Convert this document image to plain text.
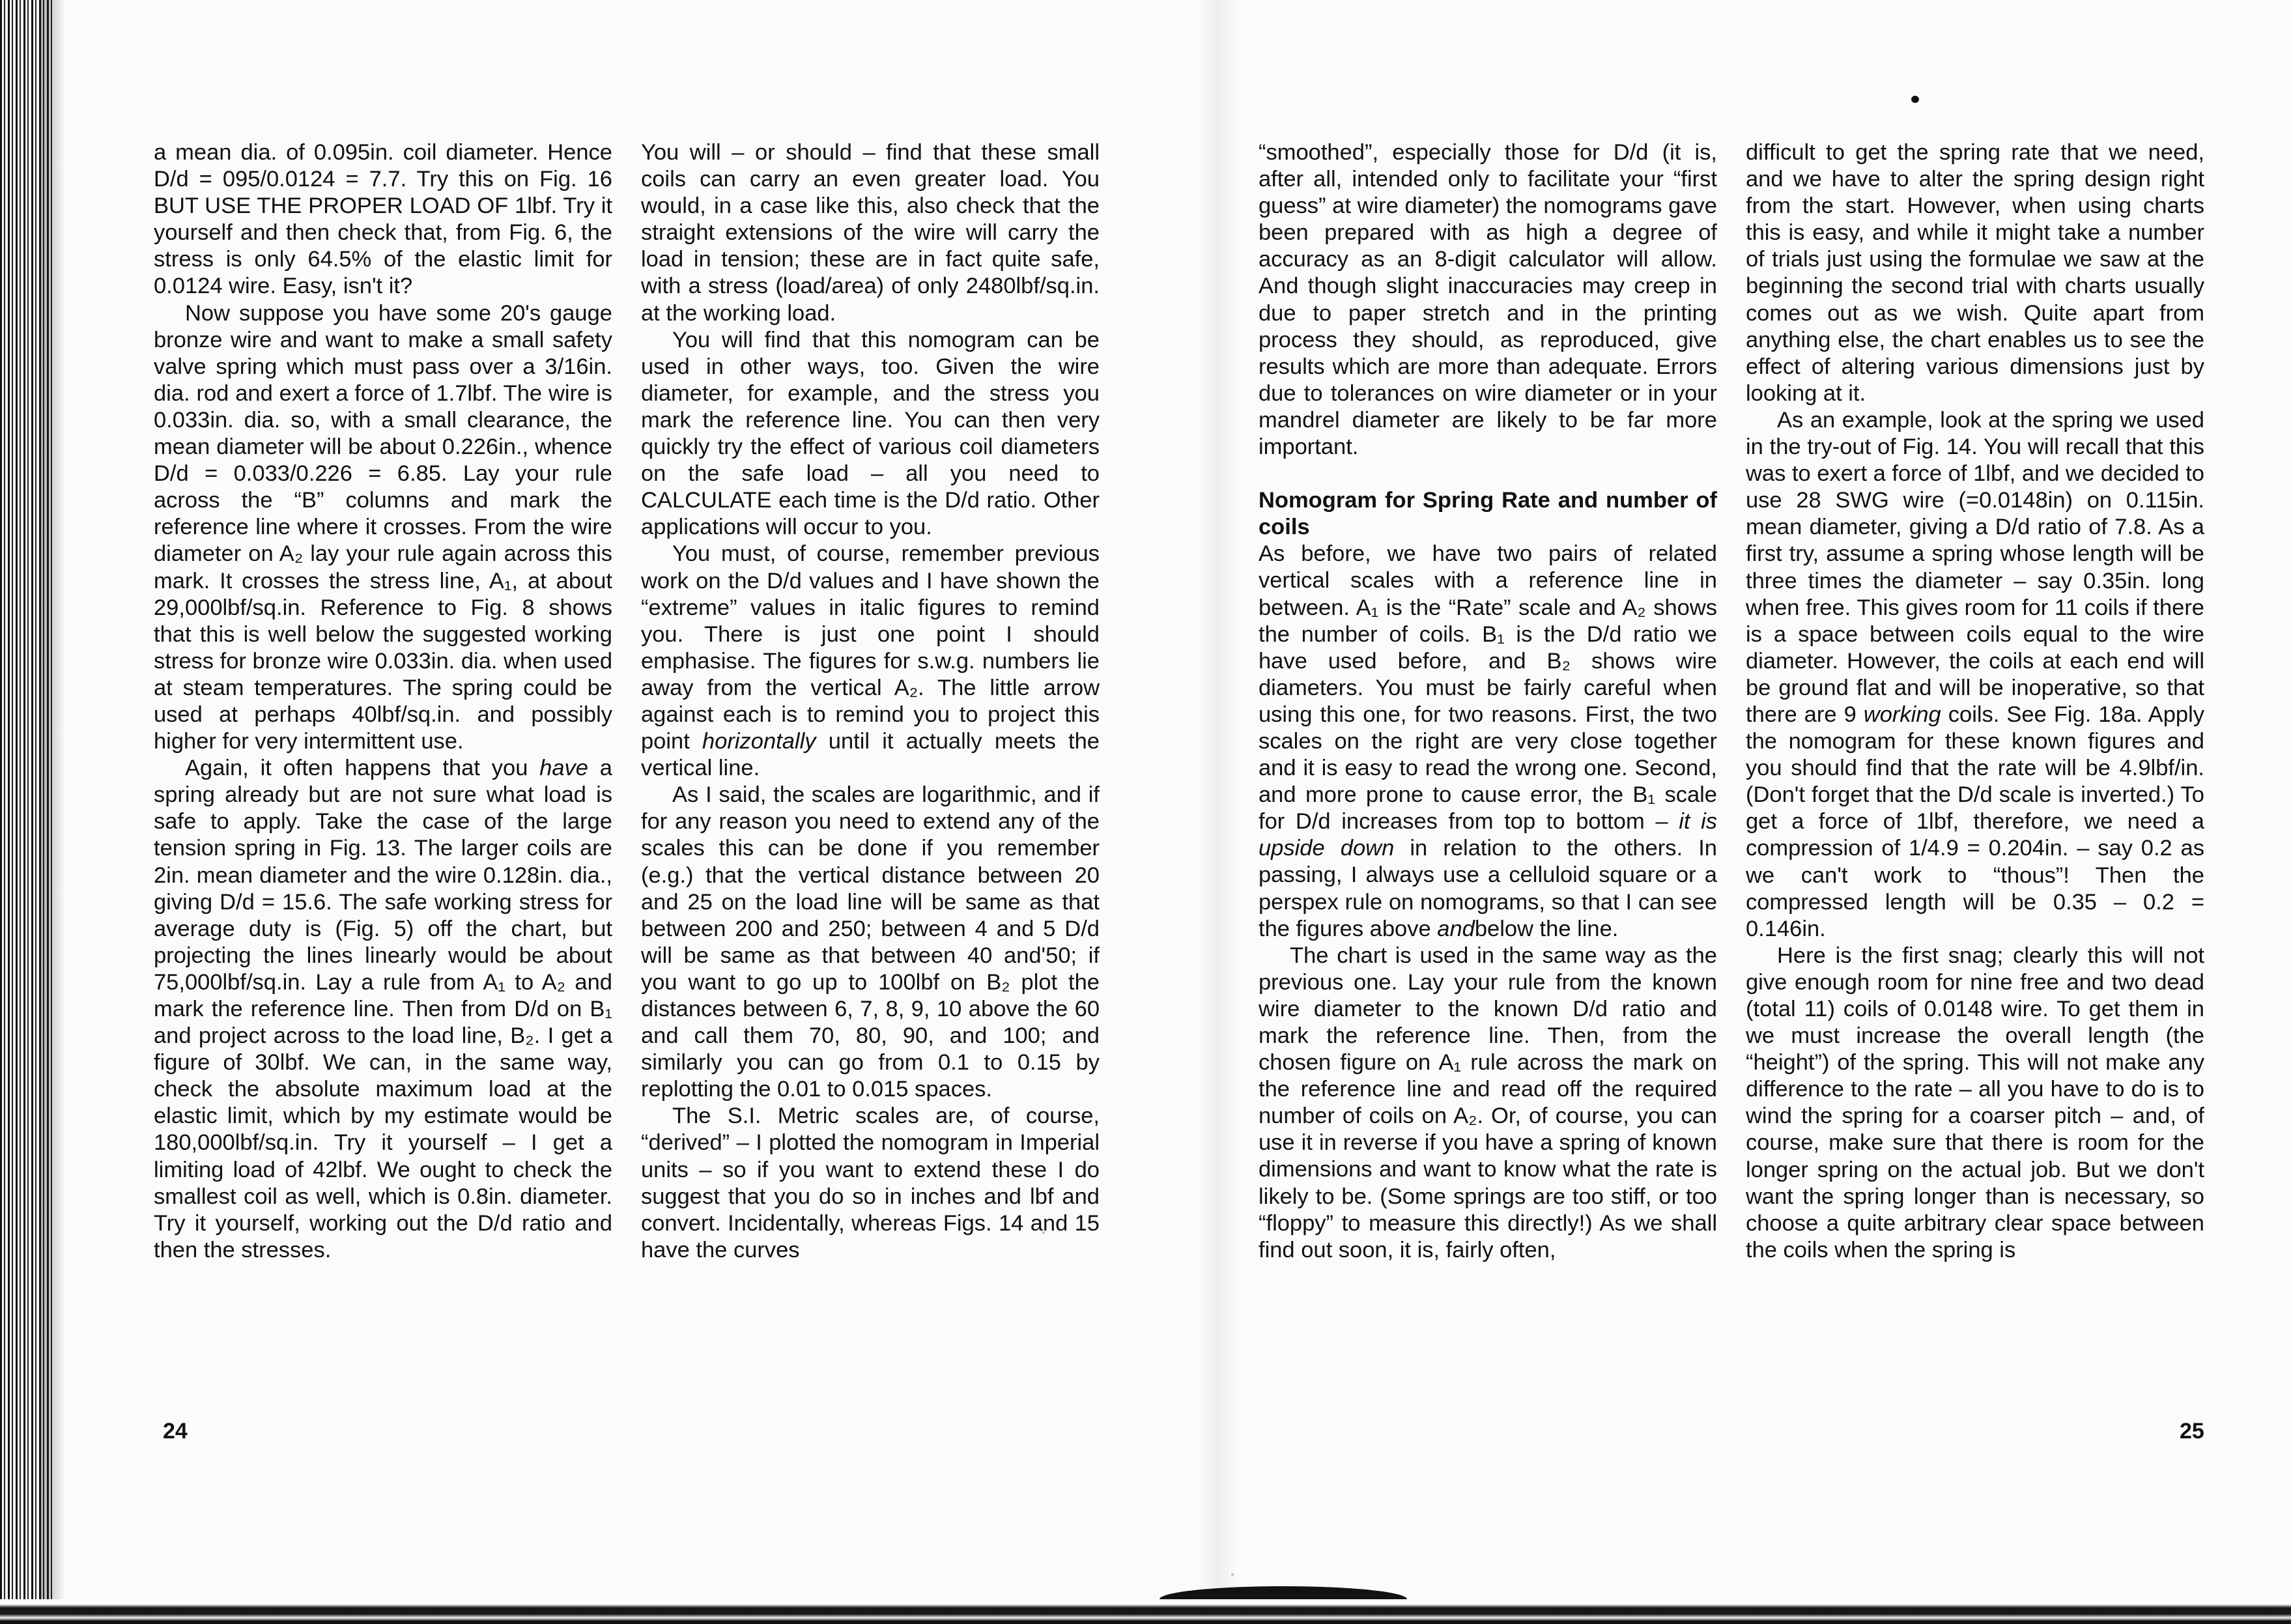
a mean dia. of 0.095in. coil diameter. Hence D/d = 095/0.0124 = 7.7. Try this on Fig. 16 BUT USE THE PROPER LOAD OF 1lbf. Try it yourself and then check that, from Fig. 6, the stress is only 64.5% of the elastic limit for 0.0124 wire. Easy, isn't it?

Now suppose you have some 20's gauge bronze wire and want to make a small safety valve spring which must pass over a 3/16in. dia. rod and exert a force of 1.7lbf. The wire is 0.033in. dia. so, with a small clearance, the mean diameter will be about 0.226in., whence D/d = 0.033/0.226 = 6.85. Lay your rule across the “B” columns and mark the reference line where it crosses. From the wire diameter on A₂ lay your rule again across this mark. It crosses the stress line, A₁, at about 29,000lbf/sq.in. Reference to Fig. 8 shows that this is well below the suggested working stress for bronze wire 0.033in. dia. when used at steam temperatures. The spring could be used at perhaps 40lbf/sq.in. and possibly higher for very intermittent use.

Again, it often happens that you have a spring already but are not sure what load is safe to apply. Take the case of the large tension spring in Fig. 13. The larger coils are 2in. mean diameter and the wire 0.128in. dia., giving D/d = 15.6. The safe working stress for average duty is (Fig. 5) off the chart, but projecting the lines linearly would be about 75,000lbf/sq.in. Lay a rule from A₁ to A₂ and mark the reference line. Then from D/d on B₁ and project across to the load line, B₂. I get a figure of 30lbf. We can, in the same way, check the absolute maximum load at the elastic limit, which by my estimate would be 180,000lbf/sq.in. Try it yourself – I get a limiting load of 42lbf. We ought to check the smallest coil as well, which is 0.8in. diameter. Try it yourself, working out the D/d ratio and then the stresses.

You will – or should – find that these small coils can carry an even greater load. You would, in a case like this, also check that the straight extensions of the wire will carry the load in tension; these are in fact quite safe, with a stress (load/area) of only 2480lbf/sq.in. at the working load.

You will find that this nomogram can be used in other ways, too. Given the wire diameter, for example, and the stress you mark the reference line. You can then very quickly try the effect of various coil diameters on the safe load – all you need to CALCULATE each time is the D/d ratio. Other applications will occur to you.

You must, of course, remember previous work on the D/d values and I have shown the “extreme” values in italic figures to remind you. There is just one point I should emphasise. The figures for s.w.g. numbers lie away from the vertical A₂. The little arrow against each is to remind you to project this point horizontally until it actually meets the vertical line.

As I said, the scales are logarithmic, and if for any reason you need to extend any of the scales this can be done if you remember (e.g.) that the vertical distance between 20 and 25 on the load line will be same as that between 200 and 250; between 4 and 5 D/d will be same as that between 40 and'50; if you want to go up to 100lbf on B₂ plot the distances between 6, 7, 8, 9, 10 above the 60 and call them 70, 80, 90, and 100; and similarly you can go from 0.1 to 0.15 by replotting the 0.01 to 0.015 spaces.

The S.I. Metric scales are, of course, “derived” – I plotted the nomogram in Imperial units – so if you want to extend these I do suggest that you do so in inches and lbf and convert. Incidentally, whereas Figs. 14 and 15 have the curves

24

“smoothed”, especially those for D/d (it is, after all, intended only to facilitate your “first guess” at wire diameter) the nomograms gave been prepared with as high a degree of accuracy as an 8-digit calculator will allow. And though slight inaccuracies may creep in due to paper stretch and in the printing process they should, as reproduced, give results which are more than adequate. Errors due to tolerances on wire diameter or in your mandrel diameter are likely to be far more important.

Nomogram for Spring Rate and number of coils

As before, we have two pairs of related vertical scales with a reference line in between. A₁ is the “Rate” scale and A₂ shows the number of coils. B₁ is the D/d ratio we have used before, and B₂ shows wire diameters. You must be fairly careful when using this one, for two reasons. First, the two scales on the right are very close together and it is easy to read the wrong one. Second, and more prone to cause error, the B₁ scale for D/d increases from top to bottom – it is upside down in relation to the others. In passing, I always use a celluloid square or a perspex rule on nomograms, so that I can see the figures above andbelow the line.

The chart is used in the same way as the previous one. Lay your rule from the known wire diameter to the known D/d ratio and mark the reference line. Then, from the chosen figure on A₁ rule across the mark on the reference line and read off the required number of coils on A₂. Or, of course, you can use it in reverse if you have a spring of known dimensions and want to know what the rate is likely to be. (Some springs are too stiff, or too “floppy” to measure this directly!) As we shall find out soon, it is, fairly often,

difficult to get the spring rate that we need, and we have to alter the spring design right from the start. However, when using charts this is easy, and while it might take a number of trials just using the formulae we saw at the beginning the second trial with charts usually comes out as we wish. Quite apart from anything else, the chart enables us to see the effect of altering various dimensions just by looking at it.

As an example, look at the spring we used in the try-out of Fig. 14. You will recall that this was to exert a force of 1lbf, and we decided to use 28 SWG wire (=0.0148in) on 0.115in. mean diameter, giving a D/d ratio of 7.8. As a first try, assume a spring whose length will be three times the diameter – say 0.35in. long when free. This gives room for 11 coils if there is a space between coils equal to the wire diameter. However, the coils at each end will be ground flat and will be inoperative, so that there are 9 working coils. See Fig. 18a. Apply the nomogram for these known figures and you should find that the rate will be 4.9lbf/in. (Don't forget that the D/d scale is inverted.) To get a force of 1lbf, therefore, we need a compression of 1/4.9 = 0.204in. – say 0.2 as we can't work to “thous”! Then the compressed length will be 0.35 – 0.2 = 0.146in.

Here is the first snag; clearly this will not give enough room for nine free and two dead (total 11) coils of 0.0148 wire. To get them in we must increase the overall length (the “height”) of the spring. This will not make any difference to the rate – all you have to do is to wind the spring for a coarser pitch – and, of course, make sure that there is room for the longer spring on the actual job. But we don't want the spring longer than is necessary, so choose a quite arbitrary clear space between the coils when the spring is

25
